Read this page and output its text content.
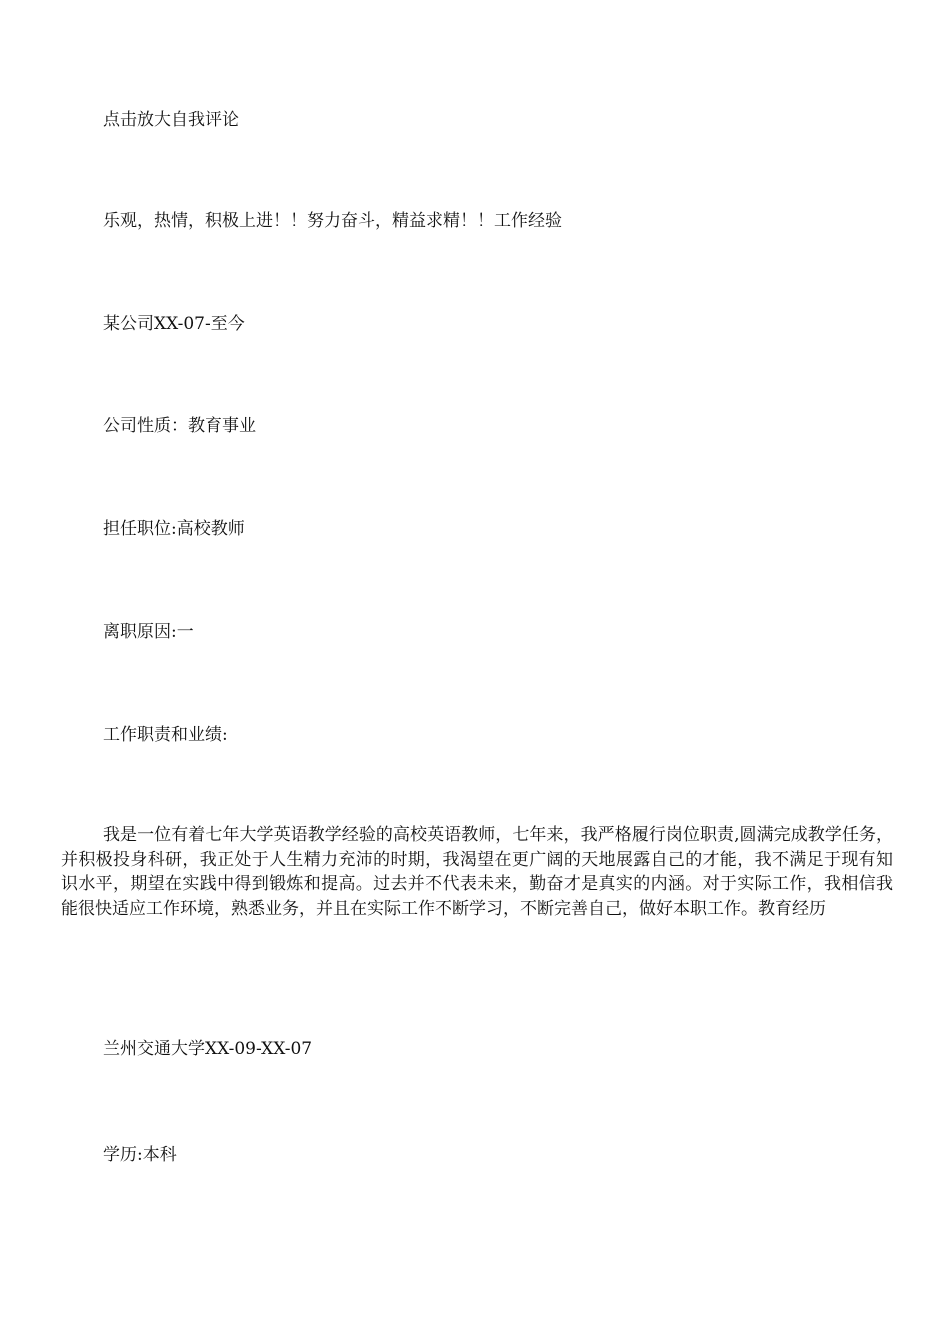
点击放大自我评论

乐观，热情，积极上进！！努力奋斗，精益求精！！工作经验

某公司XX-07-至今

公司性质：教育事业

担任职位:高校教师

离职原因:一

工作职责和业绩:

我是一位有着七年大学英语教学经验的高校英语教师，七年来，我严格履行岗位职责,圆满完成教学任务，并积极投身科研，我正处于人生精力充沛的时期，我渴望在更广阔的天地展露自己的才能，我不满足于现有知识水平，期望在实践中得到锻炼和提高。过去并不代表未来，勤奋才是真实的内涵。对于实际工作，我相信我能很快适应工作环境，熟悉业务，并且在实际工作不断学习，不断完善自己，做好本职工作。教育经历

兰州交通大学XX-09-XX-07

学历:本科
